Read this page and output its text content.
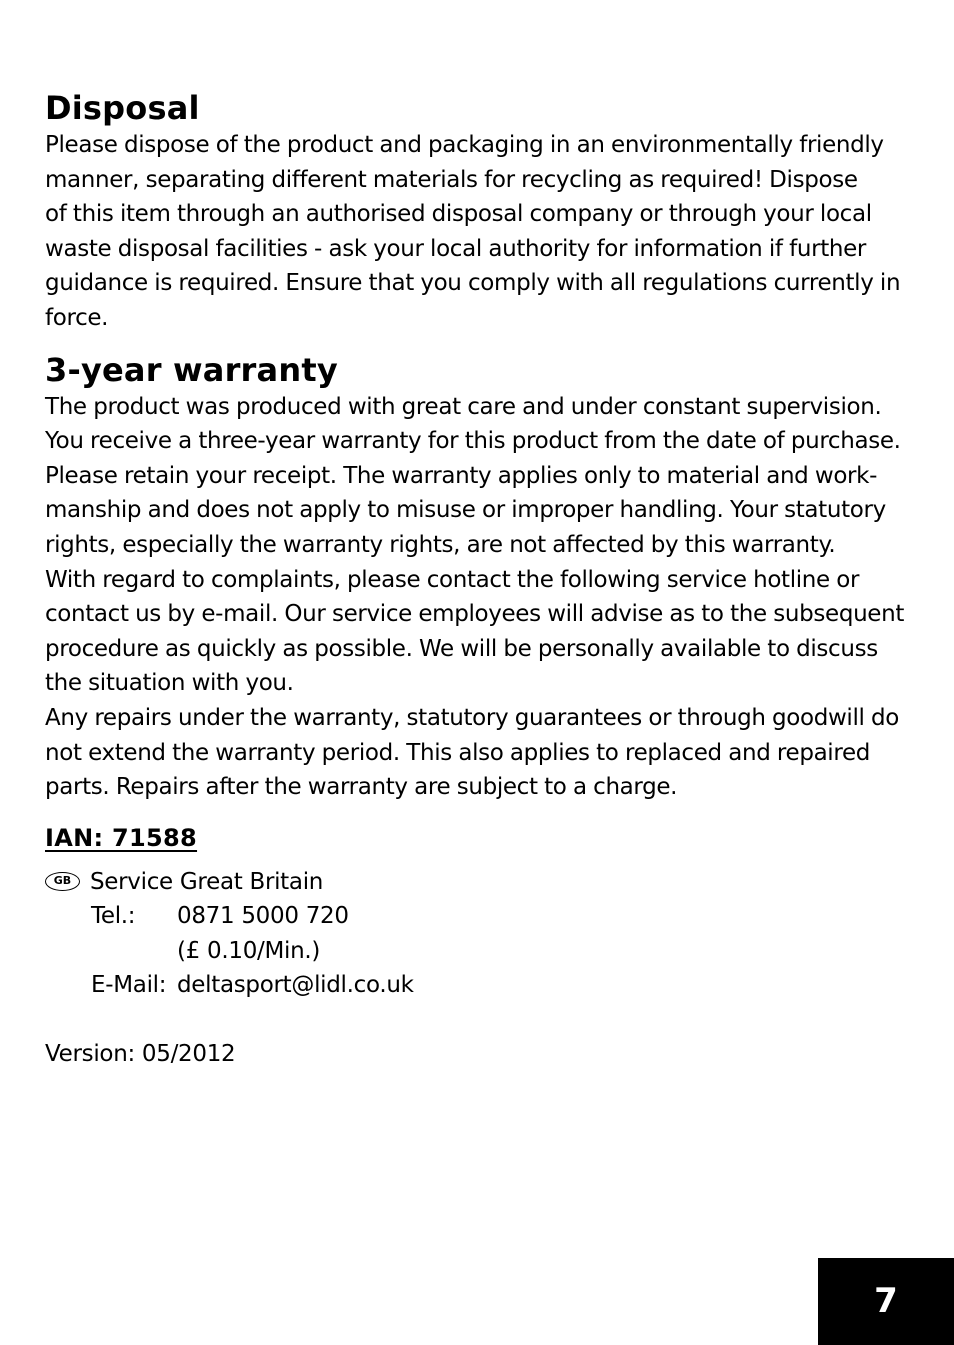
Disposal

Please dispose of the product and packaging in an environmentally friendly
manner, separating different materials for recycling as required! Dispose
of this item through an authorised disposal company or through your local
waste disposal facilities - ask your local authority for information if further
guidance is required. Ensure that you comply with all regulations currently in
force.

3-year warranty

The product was produced with great care and under constant supervision.
You receive a three-year warranty for this product from the date of purchase.
Please retain your receipt. The warranty applies only to material and work-
manship and does not apply to misuse or improper handling. Your statutory
rights, especially the warranty rights, are not affected by this warranty.
With regard to complaints, please contact the following service hotline or
contact us by e-mail. Our service employees will advise as to the subsequent
procedure as quickly as possible. We will be personally available to discuss
the situation with you.
Any repairs under the warranty, statutory guarantees or through goodwill do
not extend the warranty period. This also applies to replaced and repaired
parts. Repairs after the warranty are subject to a charge.

IAN: 71588
GB Service Great Britain
Tel.:	0871 5000 720
(£ 0.10/Min.)
E-Mail: deltasport@lidl.co.uk
Version: 05/2012
7
